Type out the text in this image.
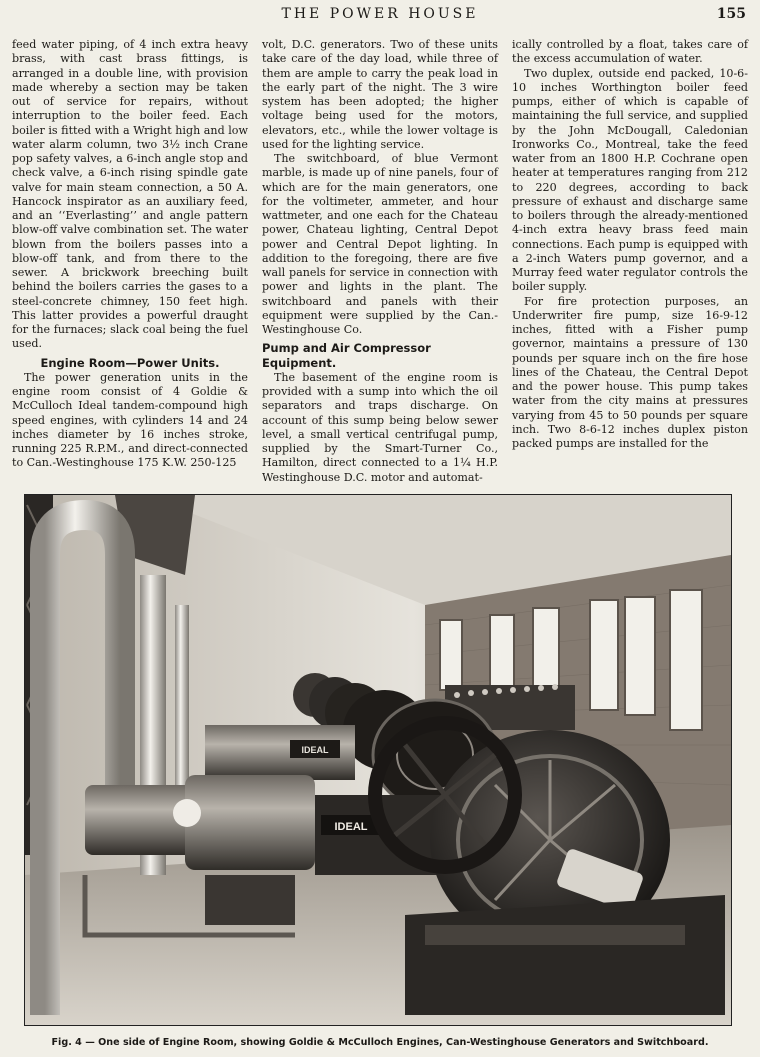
THE POWER HOUSE	155

feed water piping, of 4 inch extra heavy brass, with cast brass fittings, is arranged in a double line, with provision made whereby a section may be taken out of service for repairs, without interruption to the boiler feed. Each boiler is fitted with a Wright high and low water alarm column, two 3½ inch Crane pop safety valves, a 6-inch angle stop and check valve, a 6-inch rising spindle gate valve for main steam connection, a 50 A. Hancock inspirator as an auxiliary feed, and an ‘‘Everlasting’’ and angle pattern blow-off valve combination set. The water blown from the boilers passes into a blow-off tank, and from there to the sewer. A brickwork breeching built behind the boilers carries the gases to a steel-concrete chimney, 150 feet high. This latter provides a powerful draught for the furnaces; slack coal being the fuel used.

Engine Room—Power Units.

The power generation units in the engine room consist of 4 Goldie & McCulloch Ideal tandem-compound high speed engines, with cylinders 14 and 24 inches diameter by 16 inches stroke, running 225 R.P.M., and direct-connected to Can.-Westinghouse 175 K.W. 250-125

volt, D.C. generators. Two of these units take care of the day load, while three of them are ample to carry the peak load in the early part of the night. The 3 wire system has been adopted; the higher voltage being used for the motors, elevators, etc., while the lower voltage is used for the lighting service.

The switchboard, of blue Vermont marble, is made up of nine panels, four of which are for the main generators, one for the voltimeter, ammeter, and hour wattmeter, and one each for the Chateau power, Chateau lighting, Central Depot power and Central Depot lighting. In addition to the foregoing, there are five wall panels for service in connection with power and lights in the plant. The switchboard and panels with their equipment were supplied by the Can.-Westinghouse Co.

Pump and Air Compressor Equipment.

The basement of the engine room is provided with a sump into which the oil separators and traps discharge. On account of this sump being below sewer level, a small vertical centrifugal pump, supplied by the Smart-Turner Co., Hamilton, direct connected to a 1¼ H.P. Westinghouse D.C. motor and automat-

ically controlled by a float, takes care of the excess accumulation of water.

Two duplex, outside end packed, 10-6-10 inches Worthington boiler feed pumps, either of which is capable of maintaining the full service, and supplied by the John McDougall, Caledonian Ironworks Co., Montreal, take the feed water from an 1800 H.P. Cochrane open heater at temperatures ranging from 212 to 220 degrees, according to back pressure of exhaust and discharge same to boilers through the already-mentioned 4-inch extra heavy brass feed main connections. Each pump is equipped with a 2-inch Waters pump governor, and a Murray feed water regulator controls the boiler supply.

For fire protection purposes, an Underwriter fire pump, size 16-9-12 inches, fitted with a Fisher pump governor, maintains a pressure of 130 pounds per square inch on the fire hose lines of the Chateau, the Central Depot and the power house. This pump takes water from the city mains at pressures varying from 45 to 50 pounds per square inch. Two 8-6-12 inches duplex piston packed pumps are installed for the

IDEAL
IDEAL
Fig. 4 — One side of Engine Room, showing Goldie & McCulloch Engines, Can-Westinghouse Generators and Switchboard.
